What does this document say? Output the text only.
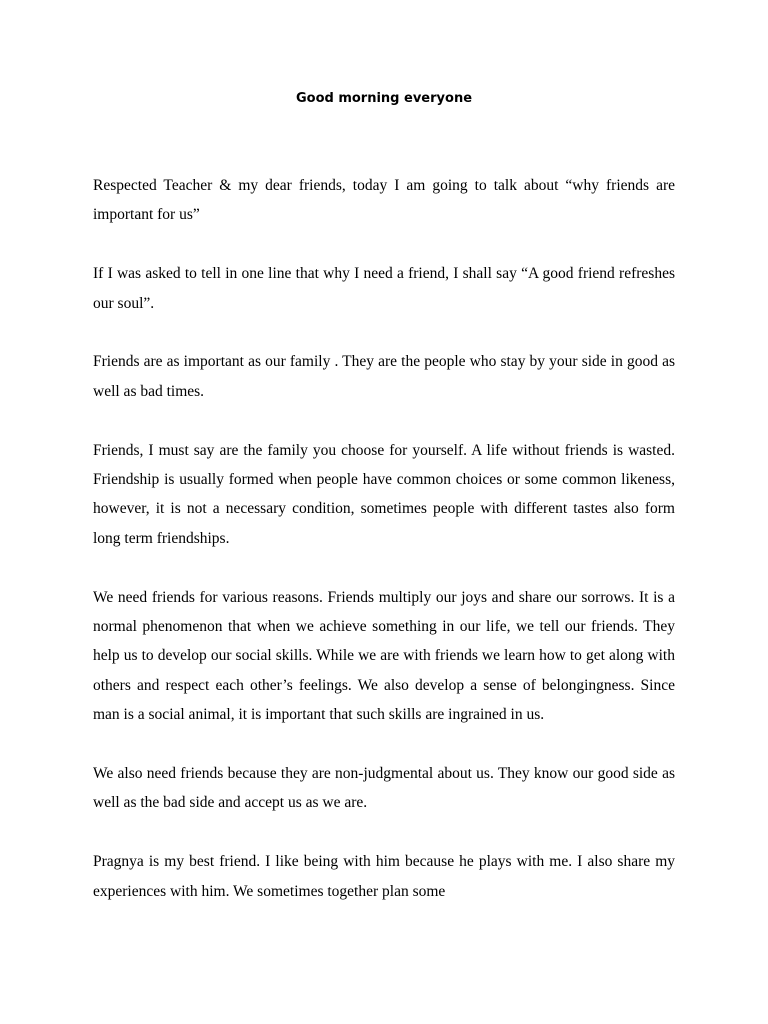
Good morning everyone

Respected Teacher & my dear friends, today I am going to talk about “why friends are important for us”

If I was asked to tell in one line that why I need a friend, I shall say “A good friend refreshes our soul”.

Friends are as important as our family . They are the people who stay by your side in good as well as bad times.

Friends, I must say are the family you choose for yourself. A life without friends is wasted. Friendship is usually formed when people have common choices or some common likeness, however, it is not a necessary condition, sometimes people with different tastes also form long term friendships.

We need friends for various reasons. Friends multiply our joys and share our sorrows. It is a normal phenomenon that when we achieve something in our life, we tell our friends. They help us to develop our social skills. While we are with friends we learn how to get along with others and respect each other’s feelings. We also develop a sense of belongingness. Since man is a social animal, it is important that such skills are ingrained in us.

We also need friends because they are non-judgmental about us. They know our good side as well as the bad side and accept us as we are.

Pragnya is my best friend. I like being with him because he plays with me. I also share my experiences with him. We sometimes together plan some
